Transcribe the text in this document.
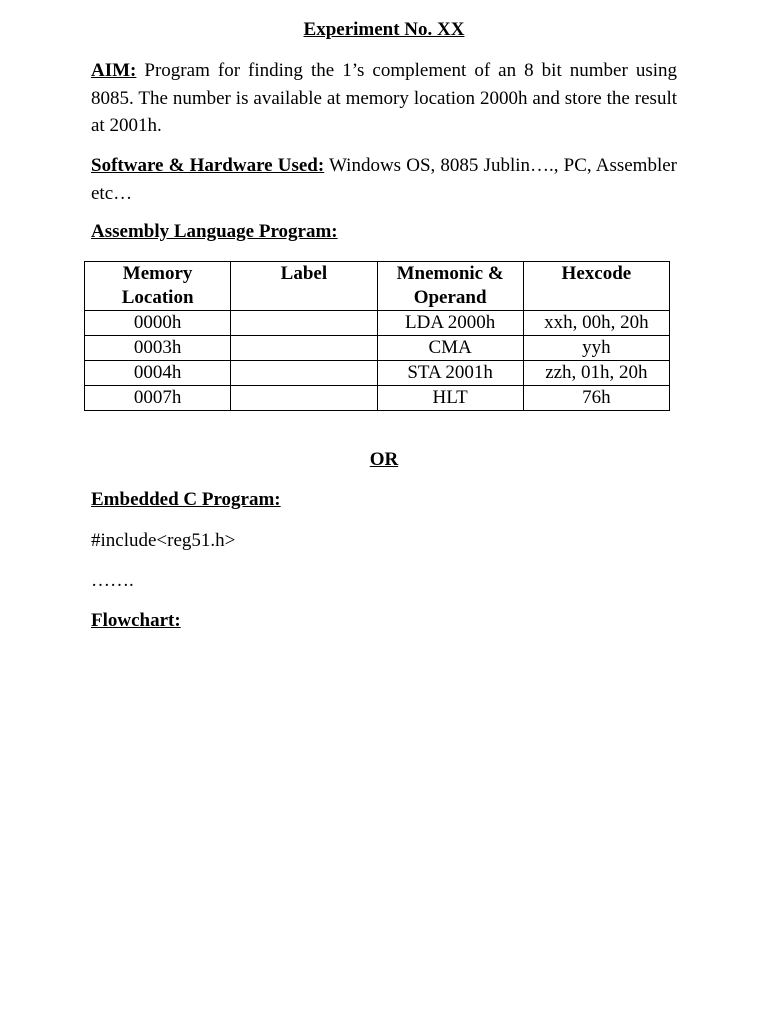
Experiment No. XX
AIM: Program for finding the 1’s complement of an 8 bit number using 8085. The number is available at memory location 2000h and store the result at 2001h.
Software & Hardware Used: Windows OS, 8085 Jublin…., PC, Assembler etc…
Assembly Language Program:
OR
Embedded C Program:
#include<reg51.h>
…….
Flowchart:
Memory Location	Label	Mnemonic & Operand	Hexcode
0000h		LDA 2000h	xxh, 00h, 20h
0003h		CMA	yyh
0004h		STA 2001h	zzh, 01h, 20h
0007h		HLT	76h
